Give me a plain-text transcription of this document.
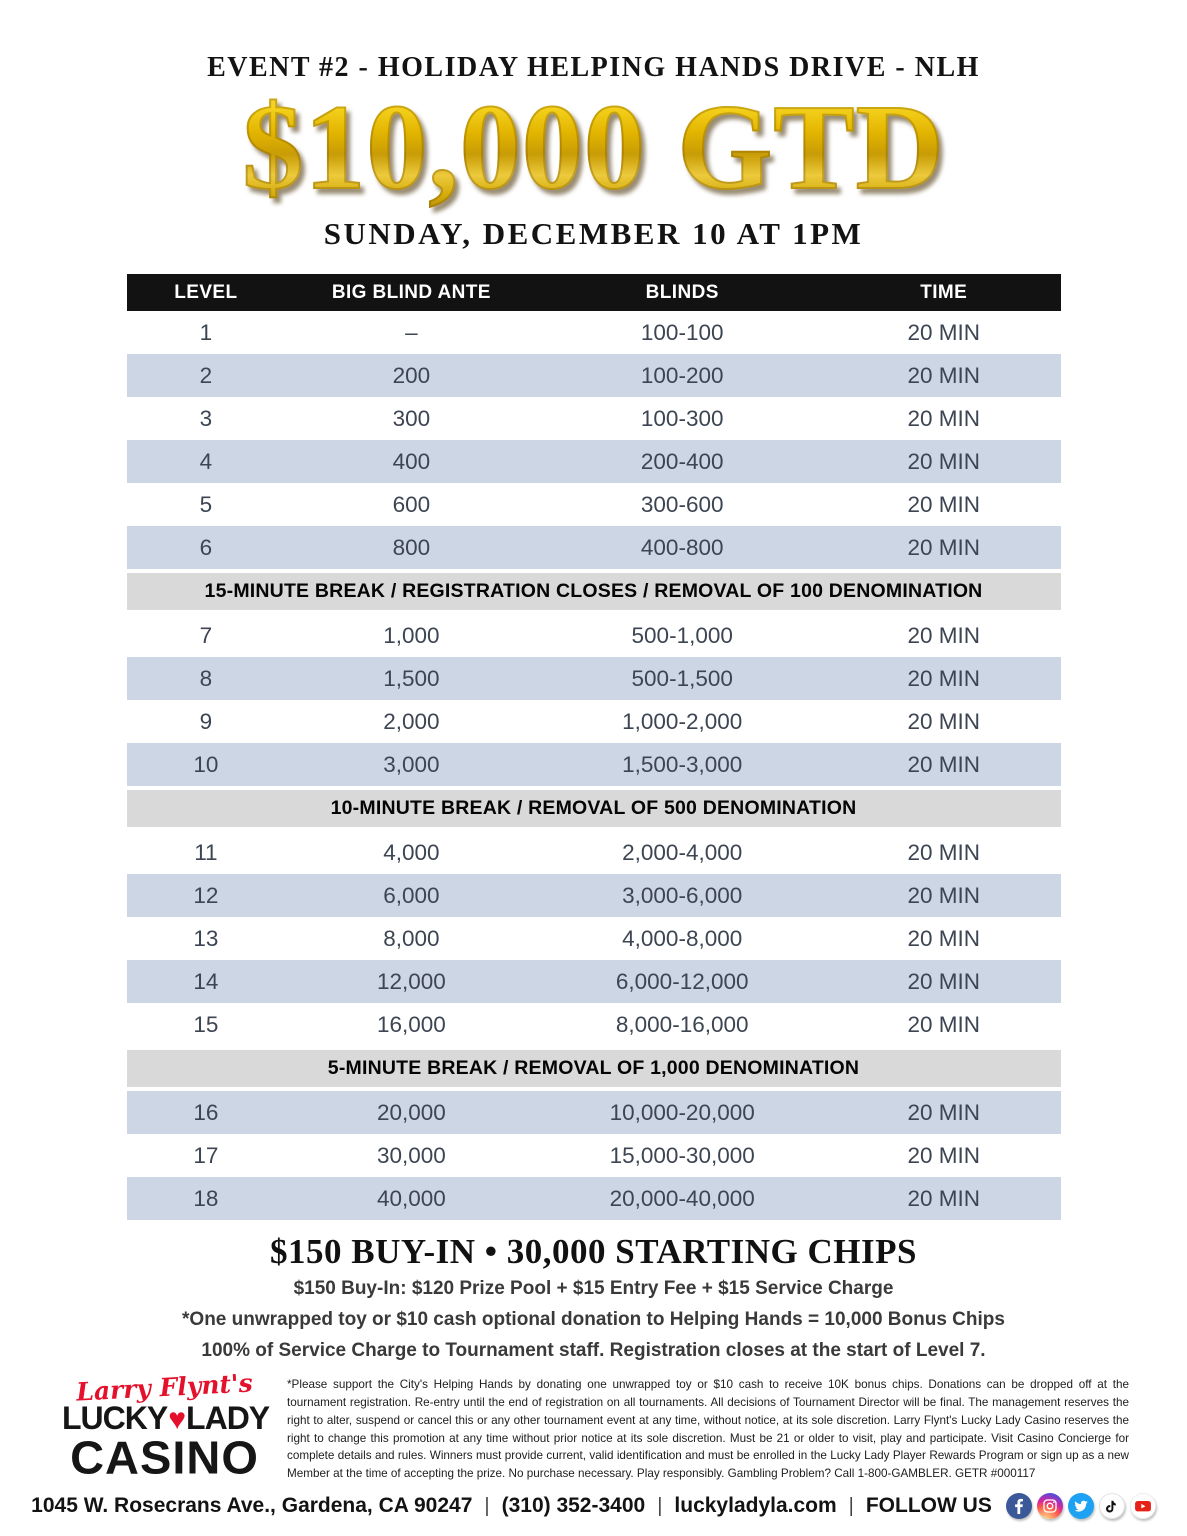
EVENT #2 - HOLIDAY HELPING HANDS DRIVE - NLH
$10,000 GTD
SUNDAY, DECEMBER 10 AT 1PM
LEVEL	BIG BLIND ANTE	BLINDS	TIME
1	–	100-100	20 MIN
2	200	100-200	20 MIN
3	300	100-300	20 MIN
4	400	200-400	20 MIN
5	600	300-600	20 MIN
6	800	400-800	20 MIN
15-MINUTE BREAK / REGISTRATION CLOSES / REMOVAL OF 100 DENOMINATION
7	1,000	500-1,000	20 MIN
8	1,500	500-1,500	20 MIN
9	2,000	1,000-2,000	20 MIN
10	3,000	1,500-3,000	20 MIN
10-MINUTE BREAK / REMOVAL OF 500 DENOMINATION
11	4,000	2,000-4,000	20 MIN
12	6,000	3,000-6,000	20 MIN
13	8,000	4,000-8,000	20 MIN
14	12,000	6,000-12,000	20 MIN
15	16,000	8,000-16,000	20 MIN
5-MINUTE BREAK / REMOVAL OF 1,000 DENOMINATION
16	20,000	10,000-20,000	20 MIN
17	30,000	15,000-30,000	20 MIN
18	40,000	20,000-40,000	20 MIN
$150 BUY-IN • 30,000 STARTING CHIPS
$150 Buy-In: $120 Prize Pool + $15 Entry Fee + $15 Service Charge
*One unwrapped toy or $10 cash optional donation to Helping Hands = 10,000 Bonus Chips
100% of Service Charge to Tournament staff. Registration closes at the start of Level 7.
Larry Flynt's
LUCKY♥LADY
CASINO

*Please support the City's Helping Hands by donating one unwrapped toy or $10 cash to receive 10K bonus chips. Donations can be dropped off at the tournament registration. Re-entry until the end of registration on all tournaments. All decisions of Tournament Director will be final. The management reserves the right to alter, suspend or cancel this or any other tournament event at any time, without notice, at its sole discretion. Larry Flynt's Lucky Lady Casino reserves the right to change this promotion at any time without prior notice at its sole discretion. Must be 21 or older to visit, play and participate. Visit Casino Concierge for complete details and rules. Winners must provide current, valid identification and must be enrolled in the Lucky Lady Player Rewards Program or sign up as a new Member at the time of accepting the prize. No purchase necessary. Play responsibly. Gambling Problem? Call 1-800-GAMBLER. GETR #000117

1045 W. Rosecrans Ave., Gardena, CA 90247 | (310) 352-3400 | luckyladyla.com | FOLLOW US
